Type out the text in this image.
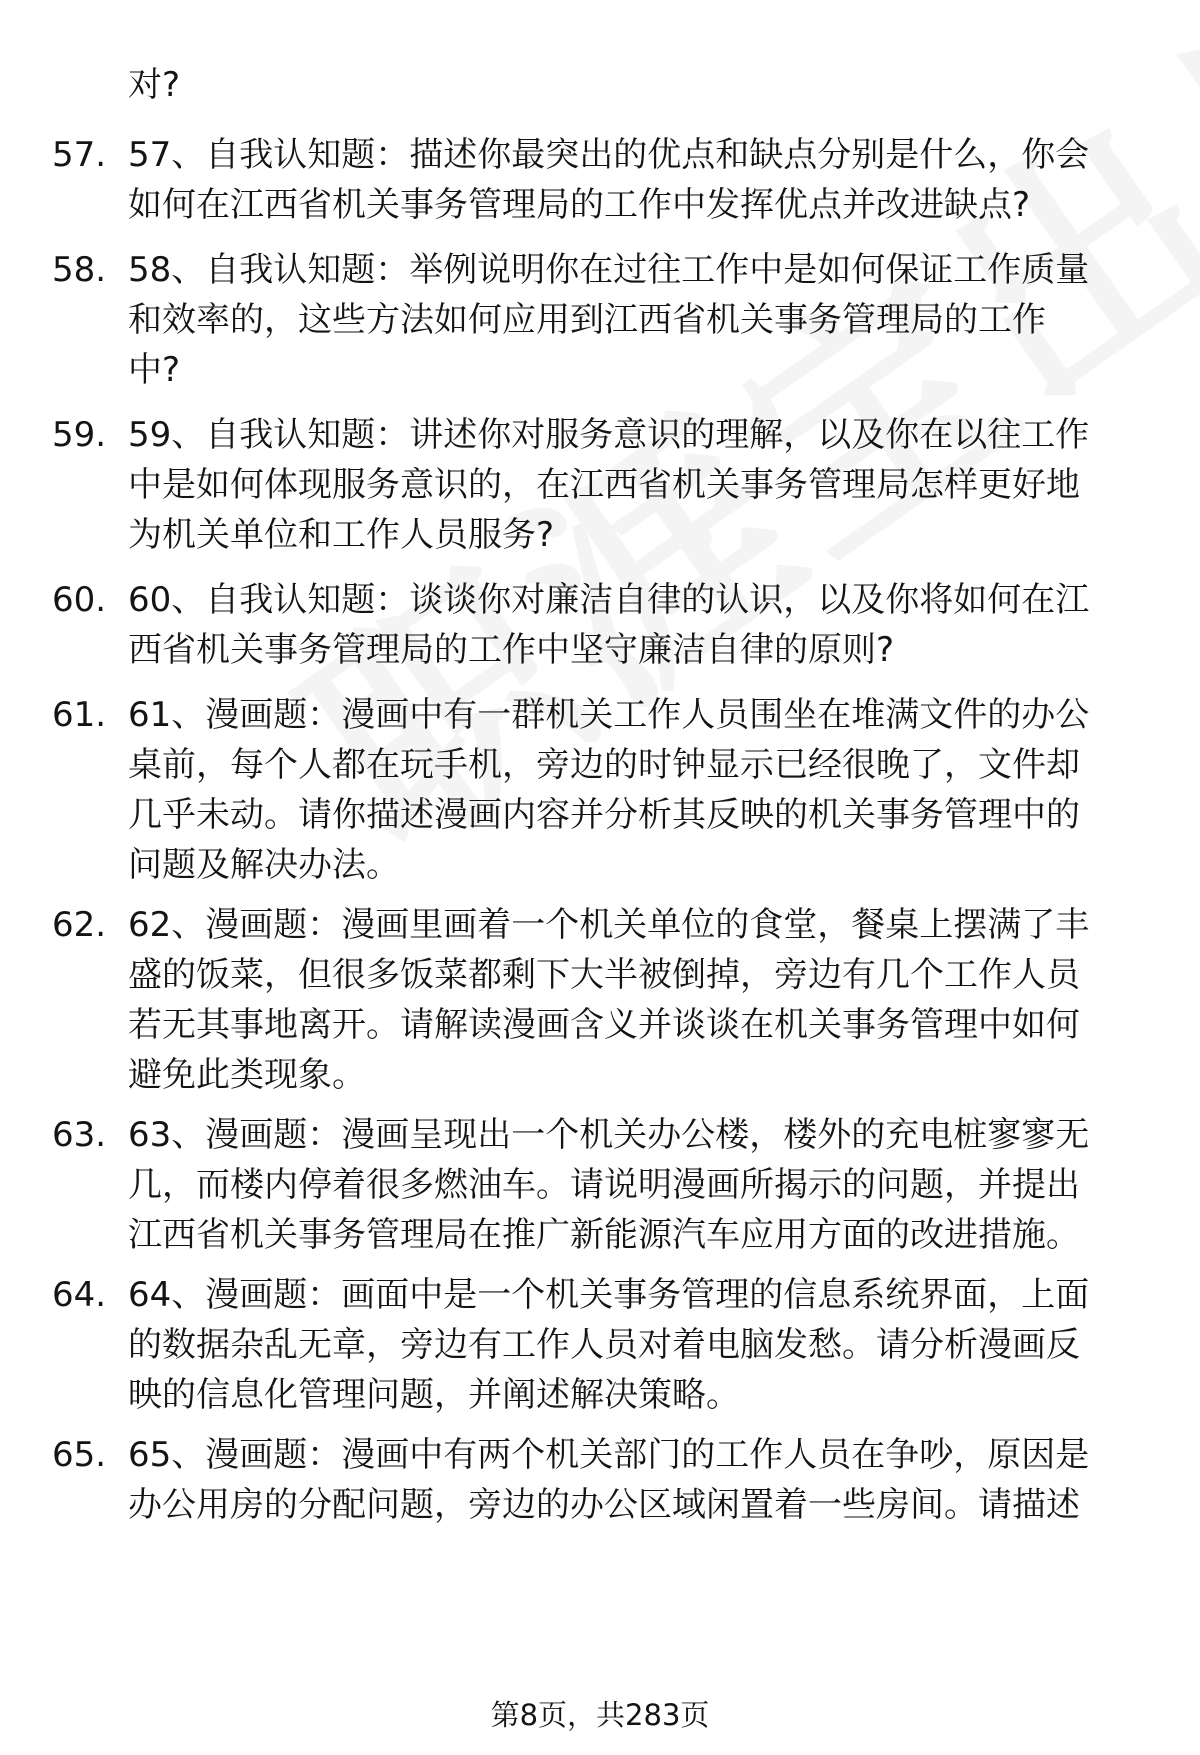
对?
57. 57、自我认知题：描述你最突出的优点和缺点分别是什么，你会
如何在江西省机关事务管理局的工作中发挥优点并改进缺点?
58. 58、自我认知题：举例说明你在过往工作中是如何保证工作质量
和效率的，这些方法如何应用到江西省机关事务管理局的工作
中?
59. 59、自我认知题：讲述你对服务意识的理解，以及你在以往工作
中是如何体现服务意识的，在江西省机关事务管理局怎样更好地
为机关单位和工作人员服务?
60. 60、自我认知题：谈谈你对廉洁自律的认识，以及你将如何在江
西省机关事务管理局的工作中坚守廉洁自律的原则?
61. 61、漫画题：漫画中有一群机关工作人员围坐在堆满文件的办公
桌前，每个人都在玩手机，旁边的时钟显示已经很晚了，文件却
几乎未动。请你描述漫画内容并分析其反映的机关事务管理中的
问题及解决办法。
62. 62、漫画题：漫画里画着一个机关单位的食堂，餐桌上摆满了丰
盛的饭菜，但很多饭菜都剩下大半被倒掉，旁边有几个工作人员
若无其事地离开。请解读漫画含义并谈谈在机关事务管理中如何
避免此类现象。
63. 63、漫画题：漫画呈现出一个机关办公楼，楼外的充电桩寥寥无
几，而楼内停着很多燃油车。请说明漫画所揭示的问题，并提出
江西省机关事务管理局在推广新能源汽车应用方面的改进措施。
64. 64、漫画题：画面中是一个机关事务管理的信息系统界面，上面
的数据杂乱无章，旁边有工作人员对着电脑发愁。请分析漫画反
映的信息化管理问题，并阐述解决策略。
65. 65、漫画题：漫画中有两个机关部门的工作人员在争吵，原因是
办公用房的分配问题，旁边的办公区域闲置着一些房间。请描述
第8页，共283页
